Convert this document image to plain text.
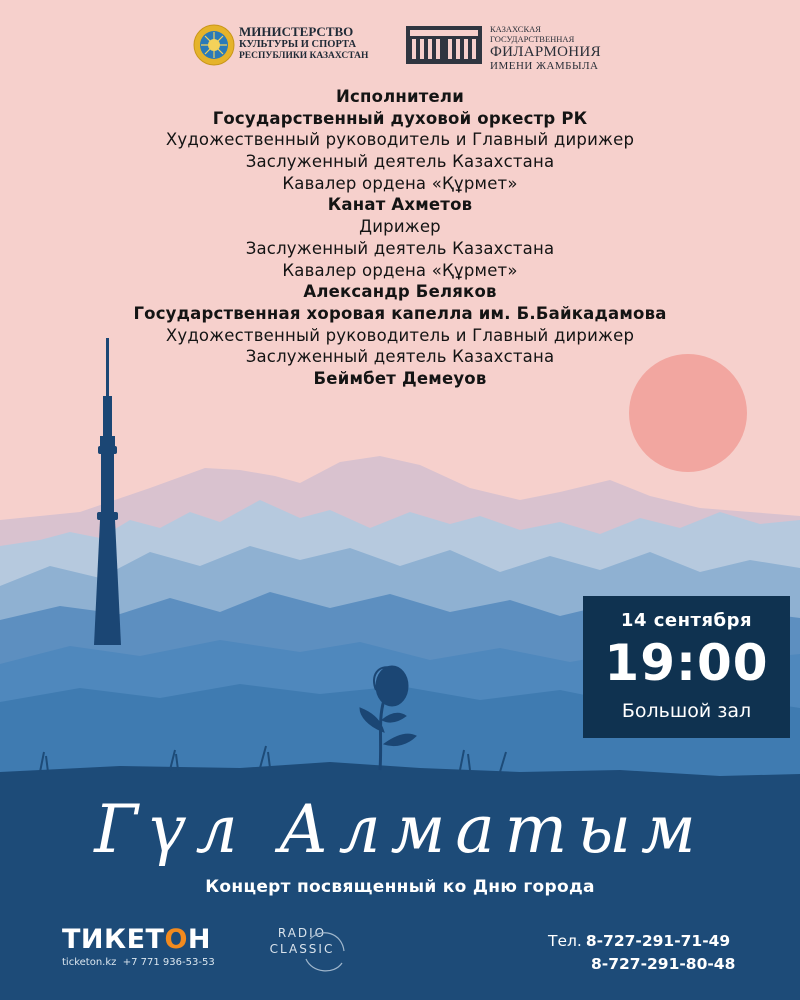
МИНИСТЕРСТВО
КУЛЬТУРЫ И СПОРТА
РЕСПУБЛИКИ КАЗАХСТАН
КАЗАХСКАЯ ГОСУДАРСТВЕННАЯ
ФИЛАРМОНИЯ
ИМЕНИ ЖАМБЫЛА
Исполнители
Государственный духовой оркестр РК
Художественный руководитель и Главный дирижер
Заслуженный деятель Казахстана
Кавалер ордена «Құрмет»
Канат Ахметов
Дирижер
Заслуженный деятель Казахстана
Кавалер ордена «Құрмет»
Александр Беляков
Государственная хоровая капелла им. Б.Байкадамова
Художественный руководитель и Главный дирижер
Заслуженный деятель Казахстана
Беймбет Демеуов
14 сентября
19:00
Большой зал
Гүл Алматым
Концерт посвященный ко Дню города
ТИКЕТОН
ticketon.kz +7 771 936-53-53
RADIO
CLASSIC	Тел. 8-727-291-71-49
8-727-291-80-48
